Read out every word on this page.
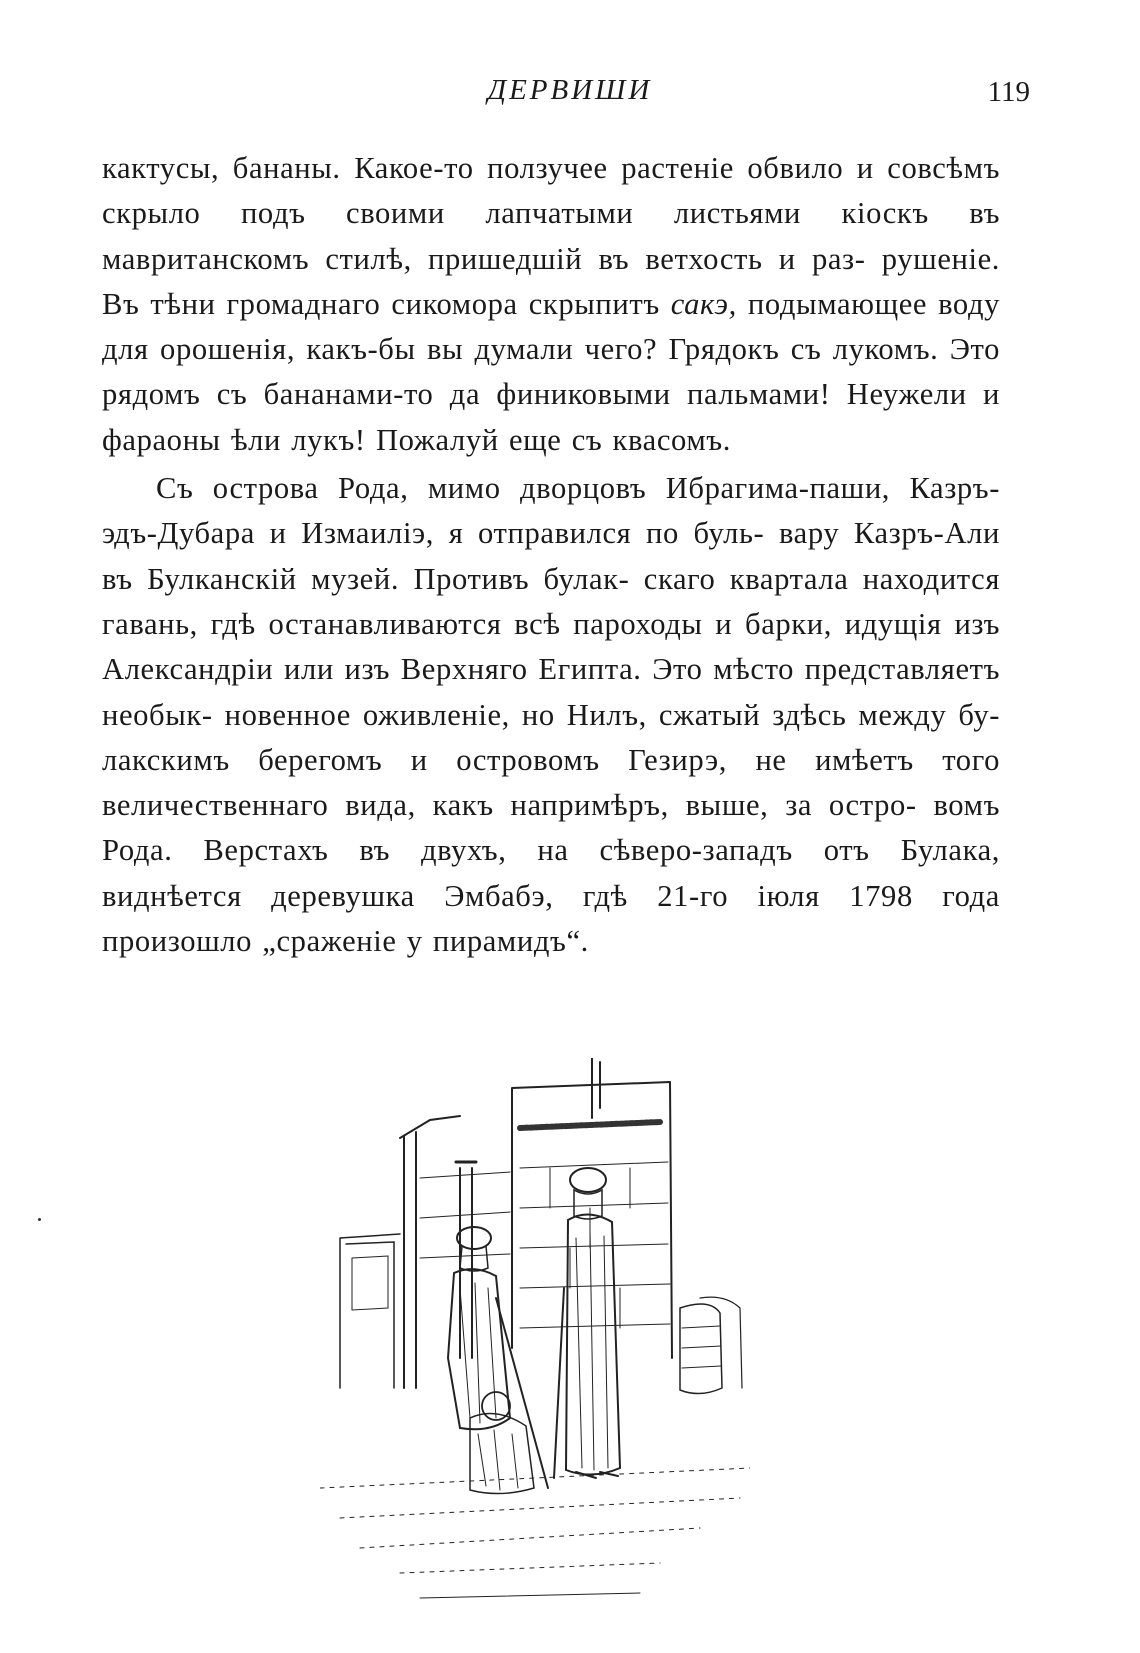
ДЕРВИШИ	119

кактусы, бананы. Какое-то ползучее растеніе обвило и совсѣмъ скрыло подъ своими лапчатыми листьями кіоскъ въ мавританскомъ стилѣ, пришедшій въ ветхость и раз- рушеніе. Въ тѣни громаднаго сикомора скрыпитъ сакэ, подымающее воду для орошенія, какъ-бы вы думали чего? Грядокъ съ лукомъ. Это рядомъ съ бананами-то да финиковыми пальмами! Неужели и фараоны ѣли лукъ! Пожалуй еще съ квасомъ.

Съ острова Рода, мимо дворцовъ Ибрагима-паши, Казръ-эдъ-Дубара и Измаиліэ, я отправился по буль- вару Казръ-Али въ Булканскій музей. Противъ булак- скаго квартала находится гавань, гдѣ останавливаются всѣ пароходы и барки, идущія изъ Александріи или изъ Верхняго Египта. Это мѣсто представляетъ необык- новенное оживленіе, но Нилъ, сжатый здѣсь между бу- лакскимъ берегомъ и островомъ Гезирэ, не имѣетъ того величественнаго вида, какъ напримѣръ, выше, за остро- вомъ Рода. Верстахъ въ двухъ, на сѣверо-западъ отъ Булака, виднѣется деревушка Эмбабэ, гдѣ 21-го іюля 1798 года произошло „сраженіе у пирамидъ“.
